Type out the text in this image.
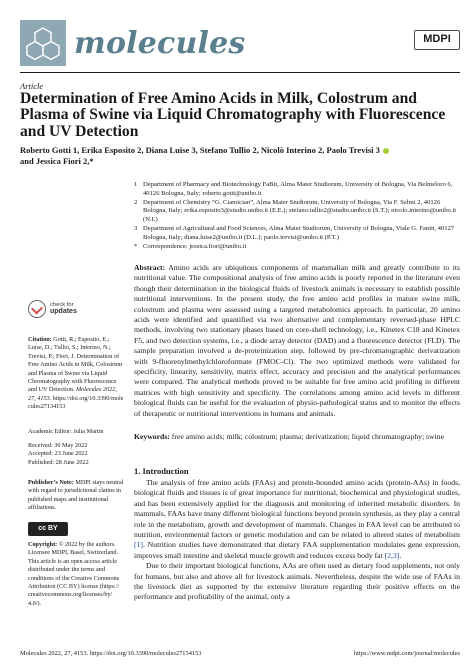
molecules	MDPI
Article
Determination of Free Amino Acids in Milk, Colostrum and Plasma of Swine via Liquid Chromatography with Fluorescence and UV Detection
Roberto Gotti 1, Erika Esposito 2, Diana Luise 3, Stefano Tullio 2, Nicolò Interino 2, Paolo Trevisi 3
and Jessica Fiori 2,*
1 Department of Pharmacy and Biotechnology FaBit, Alma Mater Studiorum, University of Bologna, Via Belmeloro 6, 40126 Bologna, Italy; roberto.gotti@unibo.it
2 Department of Chemistry “G. Ciamician”, Alma Mater Studiorum, University of Bologna, Via F. Selmi 2, 40126 Bologna, Italy; erika.esposito3@studio.unibo.it (E.E.); stefano.tullio2@studio.unibo.it (S.T.); nicolo.interino@unibo.it (N.I.)
3 Department of Agricultural and Food Sciences, Alma Mater Studiorum, University of Bologna, Viale G. Fanin, 40127 Bologna, Italy; diana.luise2@unibo.it (D.L.); paolo.trevisi@unibo.it (P.T.)
* Correspondence: jessica.fiori@unibo.it
Abstract: Amino acids are ubiquitous components of mammalian milk and greatly contribute to its nutritional value. The compositional analysis of free amino acids is poorly reported in the literature even though their determination in the biological fluids of livestock animals is necessary to establish possible nutritional interventions. In the present study, the free amino acid profiles in mature swine milk, colostrum and plasma were assessed using a targeted metabolomics approach. In particular, 20 amino acids were identified and quantified via two alternative and complementary reversed-phase HPLC methods, involving two stationary phases based on core-shell technology, i.e., Kinetex C18 and Kinetex F5, and two detection systems, i.e., a diode array detector (DAD) and a fluorescence detector (FLD). The sample preparation involved a de-proteinization step, followed by pre-chromatographic derivatization with 9-fluorenylmethylchloroformate (FMOC-Cl). The two optimized methods were validated for specificity, linearity, sensitivity, matrix effect, accuracy and precision and the analytical performances were compared. The analytical methods proved to be suitable for free amino acid profiling in different matrices with high sensitivity and specificity. The correlations among amino acid levels in different biological fluids can be useful for the evaluation of physio-pathological status and to monitor the effects of therapeutic or nutritional interventions in humans and animals.
Keywords: free amino acids; milk; colostrum; plasma; derivatization; liquid chromatography; swine
check for
updates
Citation: Gotti, R.; Esposito, E.; Luise, D.; Tullio, S.; Interino, N.; Trevisi, P.; Fiori, J. Determination of Free Amino Acids in Milk, Colostrum and Plasma of Swine via Liquid Chromatography with Fluorescence and UV Detection. Molecules 2022, 27, 4153. https://doi.org/10.3390/molecules27134153
Academic Editor: Julia Martin
Received: 30 May 2022
Accepted: 23 June 2022
Published: 28 June 2022
Publisher’s Note: MDPI stays neutral with regard to jurisdictional claims in published maps and institutional affiliations.
cc BY
Copyright: © 2022 by the authors. Licensee MDPI, Basel, Switzerland. This article is an open access article distributed under the terms and conditions of the Creative Commons Attribution (CC BY) license (https:// creativecommons.org/licenses/by/ 4.0/).
1. Introduction

The analysis of free amino acids (FAAs) and protein-bounded amino acids (protein-AAs) in foods, biological fluids and tissues is of great importance for nutritional, biochemical and physiological studies, and has been extensively applied for the diagnosis and monitoring of inherited metabolic disorders. In mammals, FAAs have many different biological functions beyond protein synthesis, as they play a central role in the metabolism, growth and development of mammals. Changes in FAA level can be attributed to nutrition, environmental factors or genetic modulation and can be related to altered states of metabolism [1]. Nutrition studies have demonstrated that dietary FAA supplementation modulates gene expression, improves small intestine and skeletal muscle growth and reduces excess body fat [2,3].

Due to their important biological functions, AAs are often used as dietary food supplements, not only for humans, but also and above all for livestock animals. Nevertheless, despite the wide use of FAAs in the livestock diet as supported by the extensive literature regarding their positive effects on the performance and profitability of the animal, only a

Molecules 2022, 27, 4153. https://doi.org/10.3390/molecules27134153	https://www.mdpi.com/journal/molecules
